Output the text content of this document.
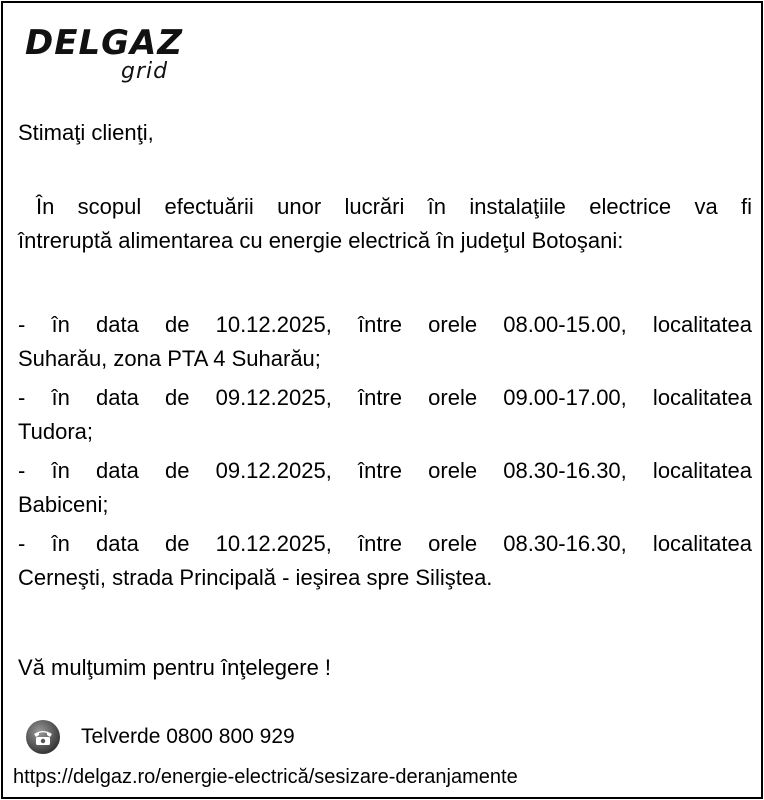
DELGAZ
grid

Stimaţi clienţi,

În scopul efectuării unor lucrări în instalaţiile electrice va fi

întreruptă alimentarea cu energie electrică în judeţul Botoşani:

- în data de 10.12.2025, între orele 08.00-15.00, localitatea

Suharău, zona PTA 4 Suharău;

- în data de 09.12.2025, între orele 09.00-17.00, localitatea

Tudora;

- în data de 09.12.2025, între orele 08.30-16.30, localitatea

Babiceni;

- în data de 10.12.2025, între orele 08.30-16.30, localitatea

Cerneşti, strada Principală - ieşirea spre Siliştea.

Vă mulţumim pentru înţelegere !

Telverde 0800 800 929
https://delgaz.ro/energie-electrică/sesizare-deranjamente
